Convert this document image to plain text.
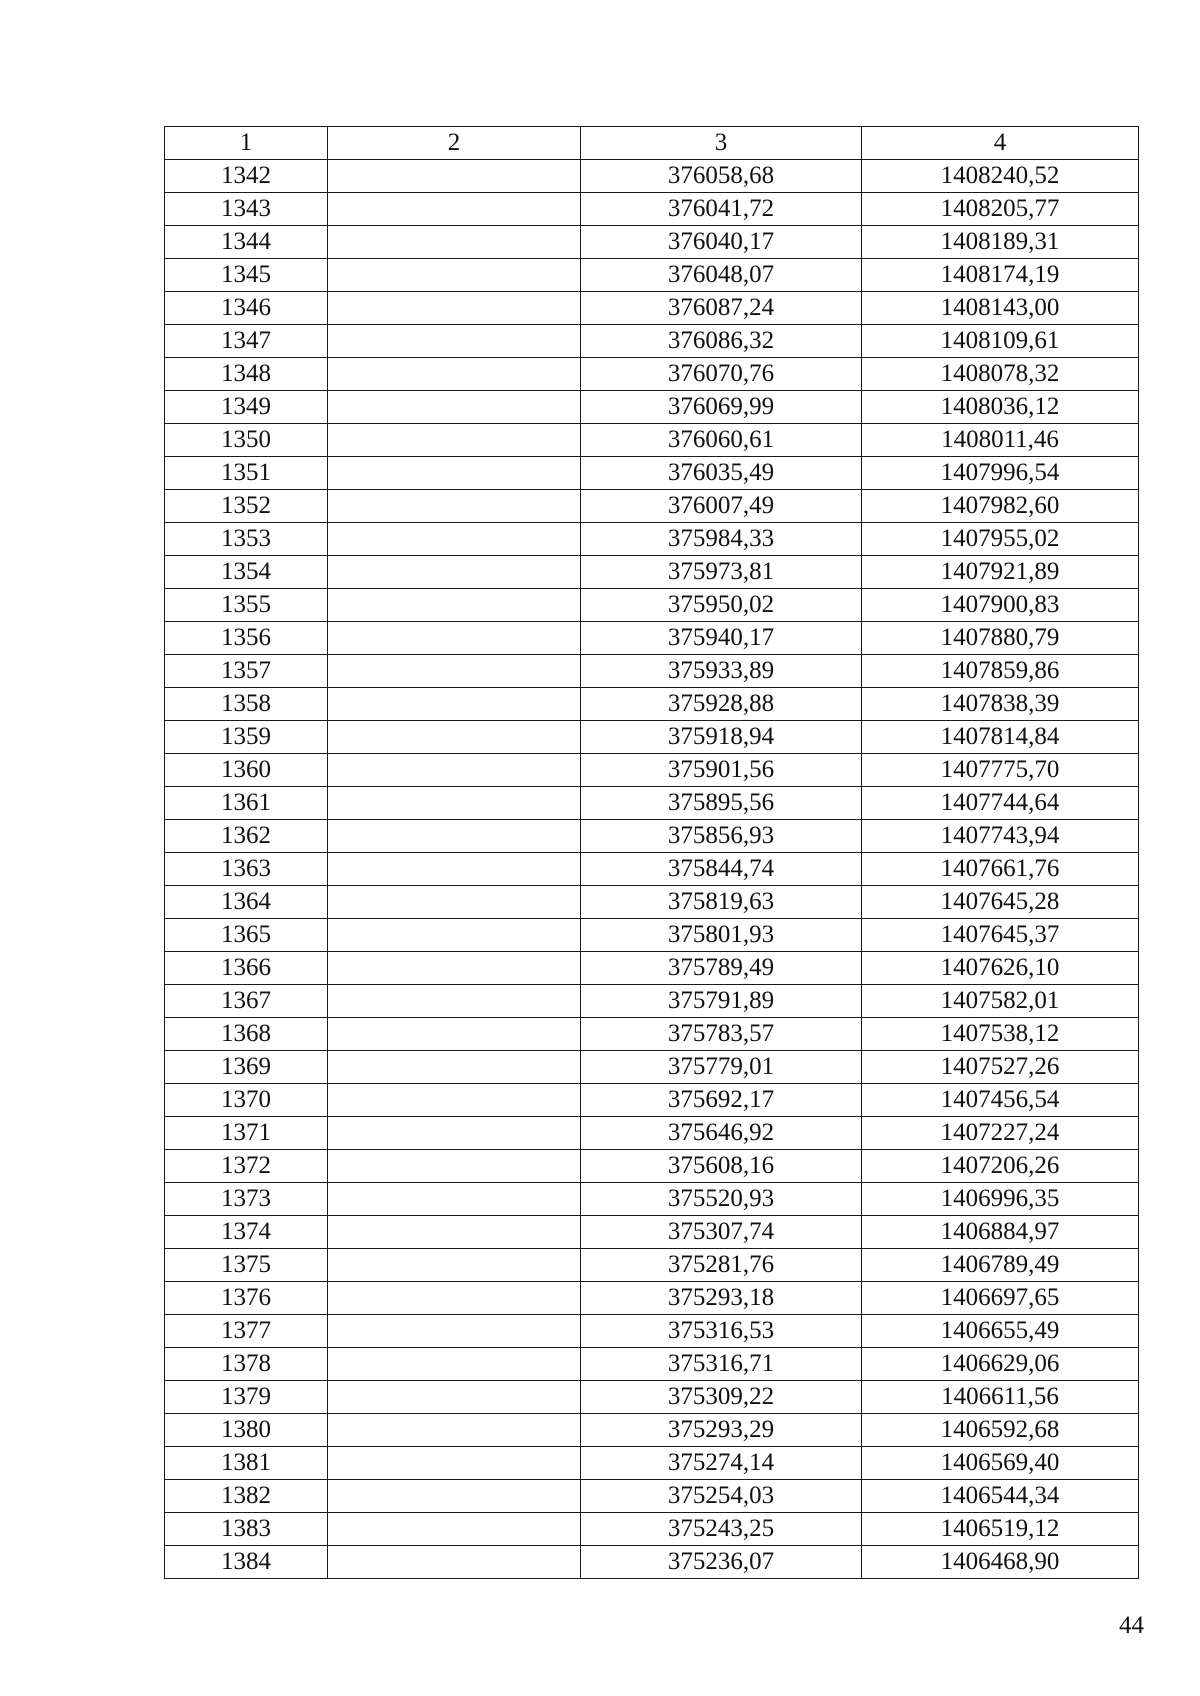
1	2	3	4
1342		376058,68	1408240,52
1343		376041,72	1408205,77
1344		376040,17	1408189,31
1345		376048,07	1408174,19
1346		376087,24	1408143,00
1347		376086,32	1408109,61
1348		376070,76	1408078,32
1349		376069,99	1408036,12
1350		376060,61	1408011,46
1351		376035,49	1407996,54
1352		376007,49	1407982,60
1353		375984,33	1407955,02
1354		375973,81	1407921,89
1355		375950,02	1407900,83
1356		375940,17	1407880,79
1357		375933,89	1407859,86
1358		375928,88	1407838,39
1359		375918,94	1407814,84
1360		375901,56	1407775,70
1361		375895,56	1407744,64
1362		375856,93	1407743,94
1363		375844,74	1407661,76
1364		375819,63	1407645,28
1365		375801,93	1407645,37
1366		375789,49	1407626,10
1367		375791,89	1407582,01
1368		375783,57	1407538,12
1369		375779,01	1407527,26
1370		375692,17	1407456,54
1371		375646,92	1407227,24
1372		375608,16	1407206,26
1373		375520,93	1406996,35
1374		375307,74	1406884,97
1375		375281,76	1406789,49
1376		375293,18	1406697,65
1377		375316,53	1406655,49
1378		375316,71	1406629,06
1379		375309,22	1406611,56
1380		375293,29	1406592,68
1381		375274,14	1406569,40
1382		375254,03	1406544,34
1383		375243,25	1406519,12
1384		375236,07	1406468,90
44
